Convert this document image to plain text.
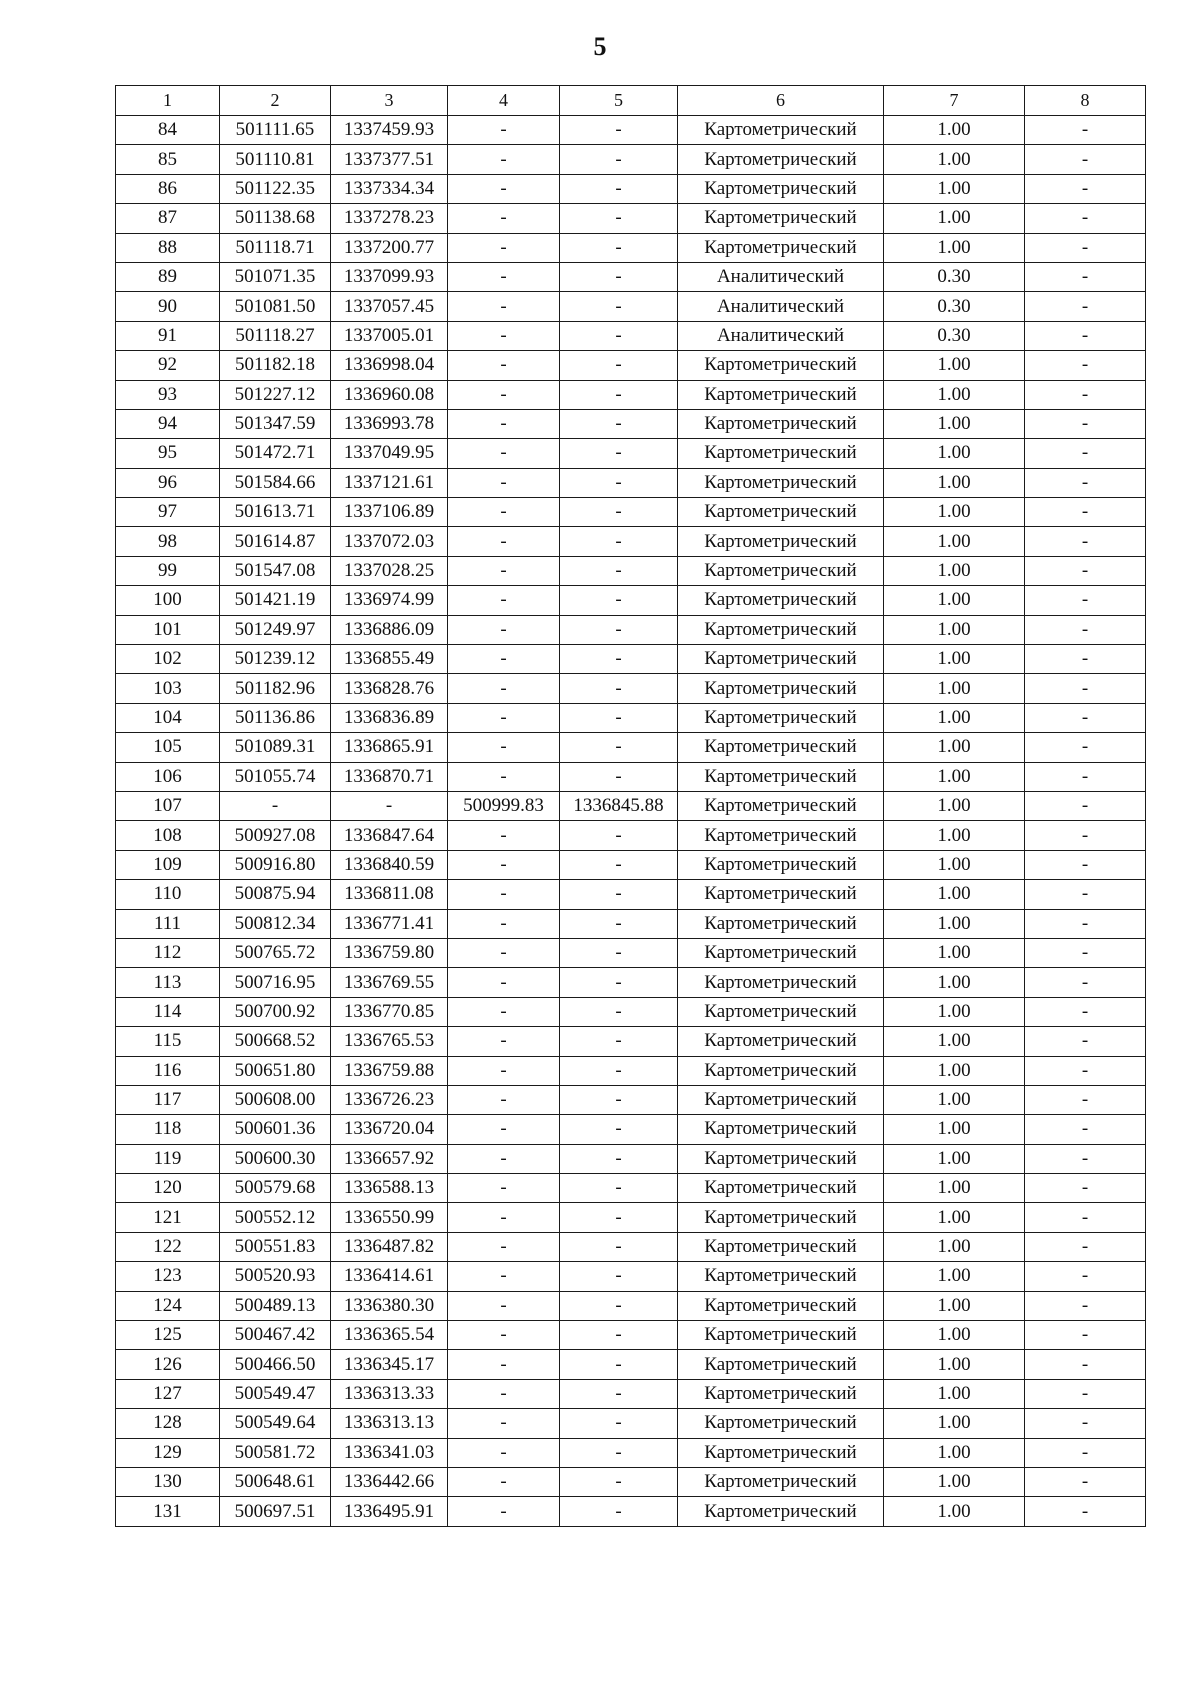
5
1	2	3	4	5	6	7	8
84	501111.65	1337459.93	-	-	Картометрический	1.00	-
85	501110.81	1337377.51	-	-	Картометрический	1.00	-
86	501122.35	1337334.34	-	-	Картометрический	1.00	-
87	501138.68	1337278.23	-	-	Картометрический	1.00	-
88	501118.71	1337200.77	-	-	Картометрический	1.00	-
89	501071.35	1337099.93	-	-	Аналитический	0.30	-
90	501081.50	1337057.45	-	-	Аналитический	0.30	-
91	501118.27	1337005.01	-	-	Аналитический	0.30	-
92	501182.18	1336998.04	-	-	Картометрический	1.00	-
93	501227.12	1336960.08	-	-	Картометрический	1.00	-
94	501347.59	1336993.78	-	-	Картометрический	1.00	-
95	501472.71	1337049.95	-	-	Картометрический	1.00	-
96	501584.66	1337121.61	-	-	Картометрический	1.00	-
97	501613.71	1337106.89	-	-	Картометрический	1.00	-
98	501614.87	1337072.03	-	-	Картометрический	1.00	-
99	501547.08	1337028.25	-	-	Картометрический	1.00	-
100	501421.19	1336974.99	-	-	Картометрический	1.00	-
101	501249.97	1336886.09	-	-	Картометрический	1.00	-
102	501239.12	1336855.49	-	-	Картометрический	1.00	-
103	501182.96	1336828.76	-	-	Картометрический	1.00	-
104	501136.86	1336836.89	-	-	Картометрический	1.00	-
105	501089.31	1336865.91	-	-	Картометрический	1.00	-
106	501055.74	1336870.71	-	-	Картометрический	1.00	-
107	-	-	500999.83	1336845.88	Картометрический	1.00	-
108	500927.08	1336847.64	-	-	Картометрический	1.00	-
109	500916.80	1336840.59	-	-	Картометрический	1.00	-
110	500875.94	1336811.08	-	-	Картометрический	1.00	-
111	500812.34	1336771.41	-	-	Картометрический	1.00	-
112	500765.72	1336759.80	-	-	Картометрический	1.00	-
113	500716.95	1336769.55	-	-	Картометрический	1.00	-
114	500700.92	1336770.85	-	-	Картометрический	1.00	-
115	500668.52	1336765.53	-	-	Картометрический	1.00	-
116	500651.80	1336759.88	-	-	Картометрический	1.00	-
117	500608.00	1336726.23	-	-	Картометрический	1.00	-
118	500601.36	1336720.04	-	-	Картометрический	1.00	-
119	500600.30	1336657.92	-	-	Картометрический	1.00	-
120	500579.68	1336588.13	-	-	Картометрический	1.00	-
121	500552.12	1336550.99	-	-	Картометрический	1.00	-
122	500551.83	1336487.82	-	-	Картометрический	1.00	-
123	500520.93	1336414.61	-	-	Картометрический	1.00	-
124	500489.13	1336380.30	-	-	Картометрический	1.00	-
125	500467.42	1336365.54	-	-	Картометрический	1.00	-
126	500466.50	1336345.17	-	-	Картометрический	1.00	-
127	500549.47	1336313.33	-	-	Картометрический	1.00	-
128	500549.64	1336313.13	-	-	Картометрический	1.00	-
129	500581.72	1336341.03	-	-	Картометрический	1.00	-
130	500648.61	1336442.66	-	-	Картометрический	1.00	-
131	500697.51	1336495.91	-	-	Картометрический	1.00	-
